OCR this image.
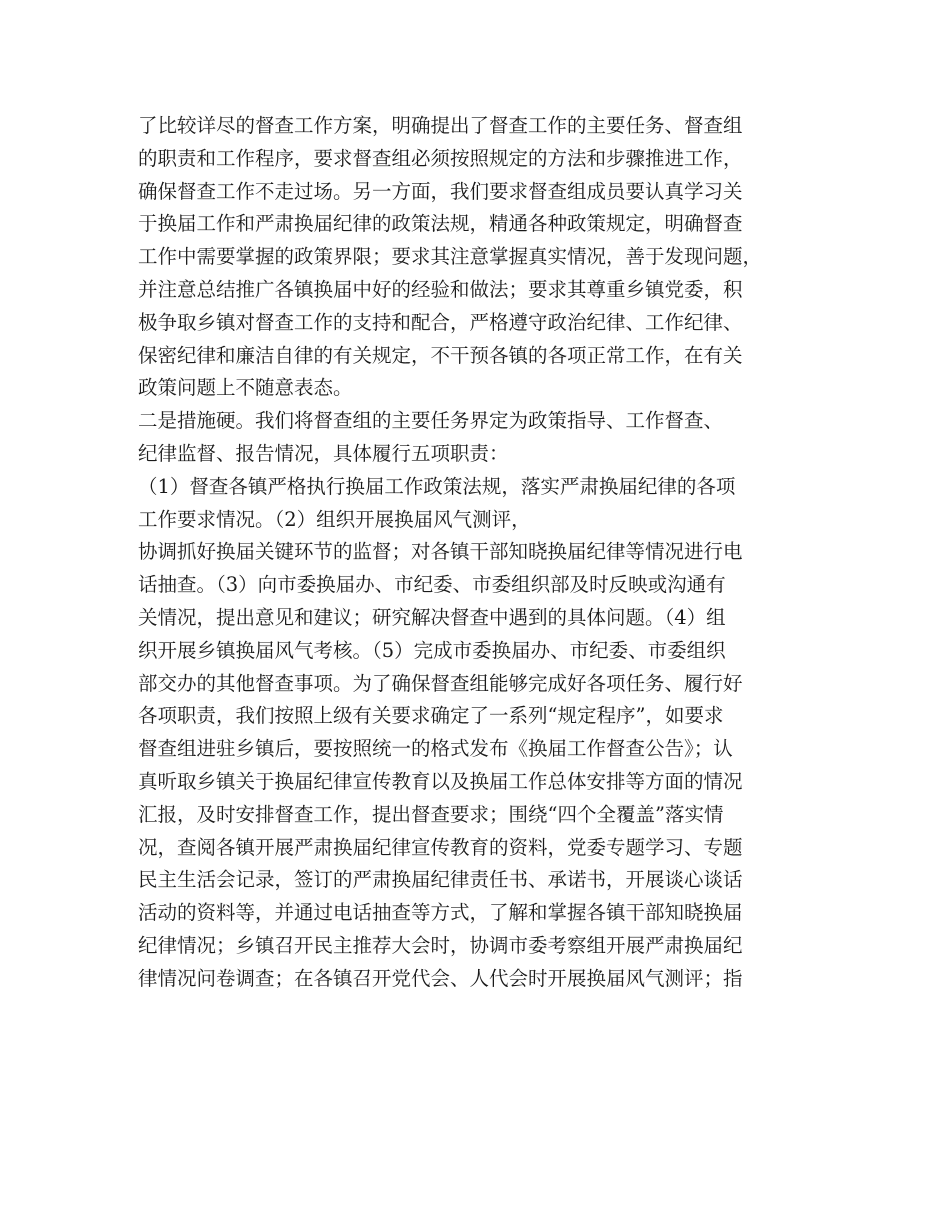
了比较详尽的督查工作方案，明确提出了督查工作的主要任务、督查组
的职责和工作程序，要求督查组必须按照规定的方法和步骤推进工作，
确保督查工作不走过场。另一方面，我们要求督查组成员要认真学习关
于换届工作和严肃换届纪律的政策法规，精通各种政策规定，明确督查
工作中需要掌握的政策界限；要求其注意掌握真实情况，善于发现问题，
并注意总结推广各镇换届中好的经验和做法；要求其尊重乡镇党委，积
极争取乡镇对督查工作的支持和配合，严格遵守政治纪律、工作纪律、
保密纪律和廉洁自律的有关规定，不干预各镇的各项正常工作，在有关
政策问题上不随意表态。
二是措施硬。我们将督查组的主要任务界定为政策指导、工作督查、
纪律监督、报告情况，具体履行五项职责：
（1）督查各镇严格执行换届工作政策法规，落实严肃换届纪律的各项
工作要求情况。（2）组织开展换届风气测评，
协调抓好换届关键环节的监督；对各镇干部知晓换届纪律等情况进行电
话抽查。（3）向市委换届办、市纪委、市委组织部及时反映或沟通有
关情况，提出意见和建议；研究解决督查中遇到的具体问题。（4）组
织开展乡镇换届风气考核。（5）完成市委换届办、市纪委、市委组织
部交办的其他督查事项。为了确保督查组能够完成好各项任务、履行好
各项职责，我们按照上级有关要求确定了一系列“规定程序”，如要求
督查组进驻乡镇后，要按照统一的格式发布《换届工作督查公告》；认
真听取乡镇关于换届纪律宣传教育以及换届工作总体安排等方面的情况
汇报，及时安排督查工作，提出督查要求；围绕“四个全覆盖”落实情
况，查阅各镇开展严肃换届纪律宣传教育的资料，党委专题学习、专题
民主生活会记录，签订的严肃换届纪律责任书、承诺书，开展谈心谈话
活动的资料等，并通过电话抽查等方式，了解和掌握各镇干部知晓换届
纪律情况；乡镇召开民主推荐大会时，协调市委考察组开展严肃换届纪
律情况问卷调查；在各镇召开党代会、人代会时开展换届风气测评；指
